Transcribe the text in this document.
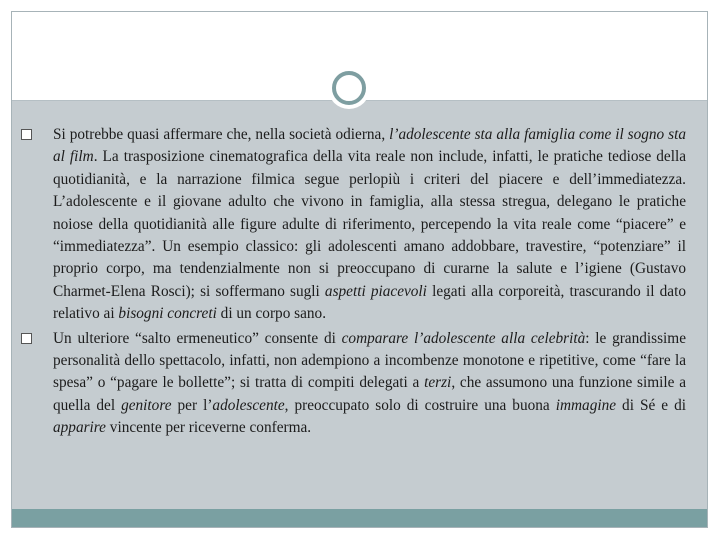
Si potrebbe quasi affermare che, nella società odierna, l’adolescente sta alla famiglia come il sogno sta al film. La trasposizione cinematografica della vita reale non include, infatti, le pratiche tediose della quotidianità, e la narrazione filmica segue perlopiù i criteri del piacere e dell’immediatezza. L’adolescente e il giovane adulto che vivono in famiglia, alla stessa stregua, delegano le pratiche noiose della quotidianità alle figure adulte di riferimento, percependo la vita reale come “piacere” e “immediatezza”. Un esempio classico: gli adolescenti amano addobbare, travestire, “potenziare” il proprio corpo, ma tendenzialmente non si preoccupano di curarne la salute e l’igiene (Gustavo Charmet-Elena Rosci); si soffermano sugli aspetti piacevoli legati alla corporeità, trascurando il dato relativo ai bisogni concreti di un corpo sano.

Un ulteriore “salto ermeneutico” consente di comparare l’adolescente alla celebrità: le grandissime personalità dello spettacolo, infatti, non adempiono a incombenze monotone e ripetitive, come “fare la spesa” o “pagare le bollette”; si tratta di compiti delegati a terzi, che assumono una funzione simile a quella del genitore per l’adolescente, preoccupato solo di costruire una buona immagine di Sé e di apparire vincente per riceverne conferma.
